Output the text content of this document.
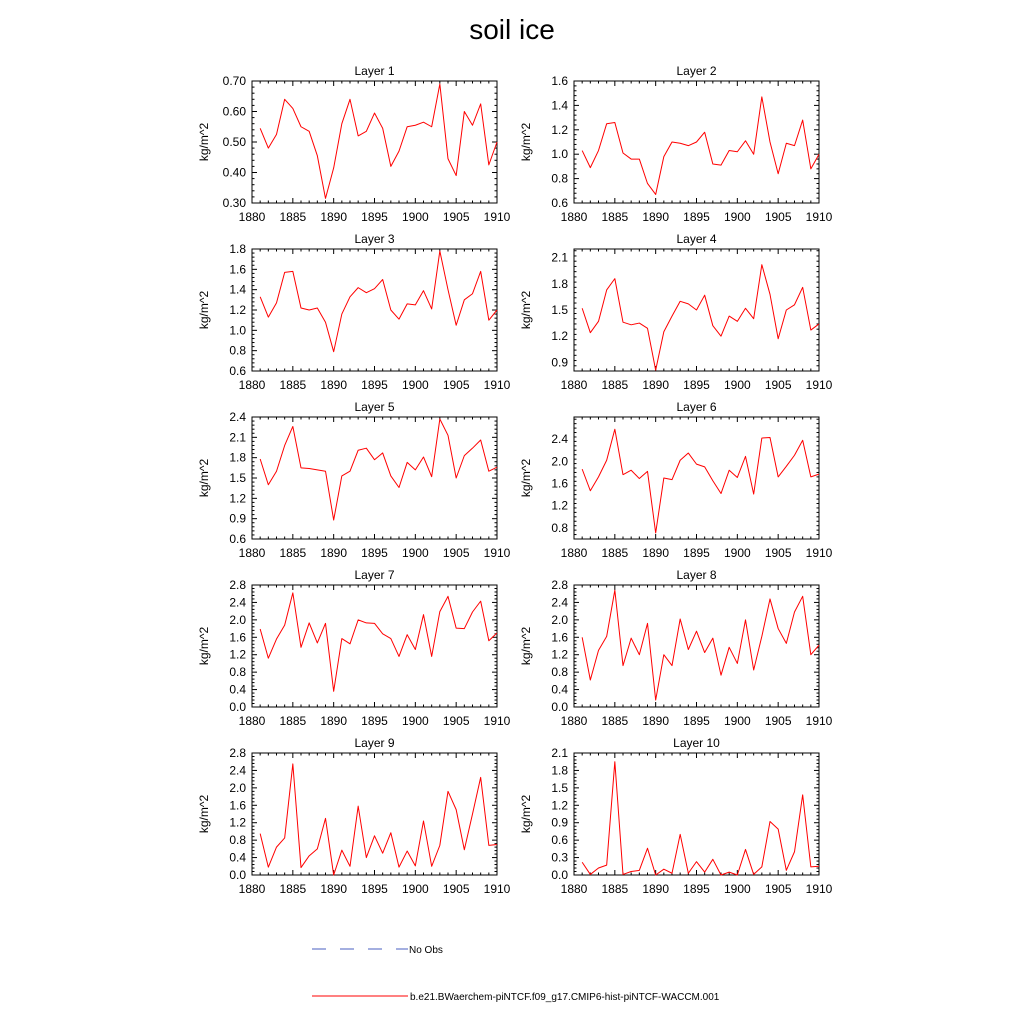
soil ice
1880 1885 1890 1895 1900 1905 1910
0.30
0.40
0.50
0.60
0.70
Layer 1
kg/m^2
1880 1885 1890 1895 1900 1905 1910
0.6
0.8
1.0
1.2
1.4
1.6
Layer 2
kg/m^2
1880 1885 1890 1895 1900 1905 1910
0.6
0.8
1.0
1.2
1.4
1.6
1.8
Layer 3
kg/m^2
1880 1885 1890 1895 1900 1905 1910
0.9
1.2
1.5
1.8
2.1
Layer 4
kg/m^2
1880 1885 1890 1895 1900 1905 1910
0.6
0.9
1.2
1.5
1.8
2.1
2.4
Layer 5
kg/m^2
1880 1885 1890 1895 1900 1905 1910
0.8
1.2
1.6
2.0
2.4
Layer 6
kg/m^2
1880 1885 1890 1895 1900 1905 1910
0.0
0.4
0.8
1.2
1.6
2.0
2.4
2.8
Layer 7
kg/m^2
1880 1885 1890 1895 1900 1905 1910
0.0
0.4
0.8
1.2
1.6
2.0
2.4
2.8
Layer 8
kg/m^2
1880 1885 1890 1895 1900 1905 1910
0.0
0.4
0.8
1.2
1.6
2.0
2.4
2.8
Layer 9
kg/m^2
1880 1885 1890 1895 1900 1905 1910
0.0
0.3
0.6
0.9
1.2
1.5
1.8
2.1
Layer 10
kg/m^2
No Obs
b.e21.BWaerchem-piNTCF.f09_g17.CMIP6-hist-piNTCF-WACCM.001
